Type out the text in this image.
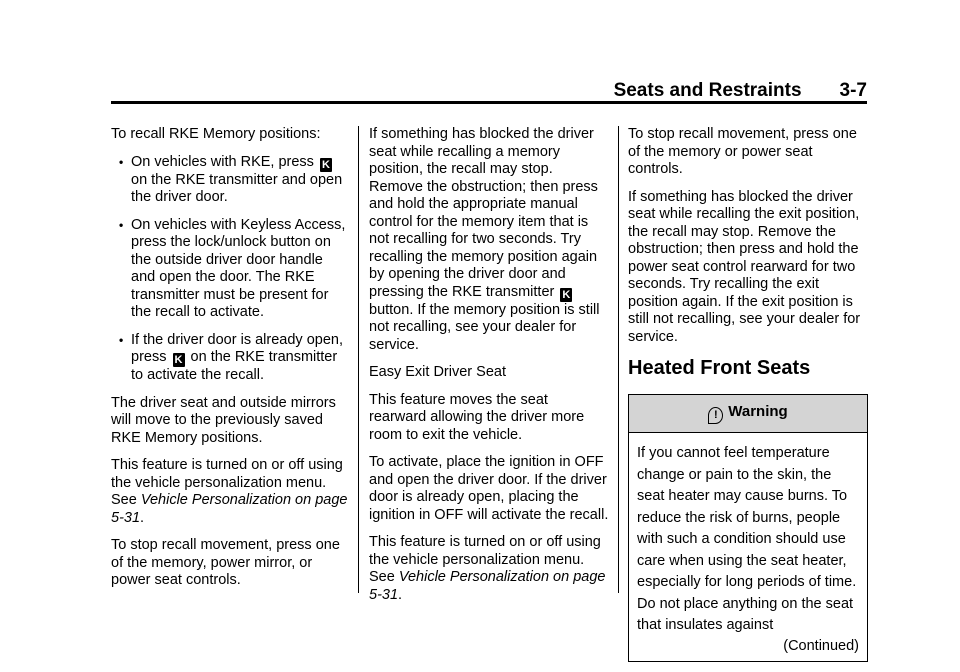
Seats and Restraints 3-7

To recall RKE Memory positions:

• On vehicles with RKE, press K on the RKE transmitter and open the driver door.
• On vehicles with Keyless Access, press the lock/unlock button on the outside driver door handle and open the door. The RKE transmitter must be present for the recall to activate.
• If the driver door is already open, press K on the RKE transmitter to activate the recall.

The driver seat and outside mirrors will move to the previously saved RKE Memory positions.

This feature is turned on or off using the vehicle personalization menu. See Vehicle Personalization on page 5-31.

To stop recall movement, press one of the memory, power mirror, or power seat controls.

If something has blocked the driver seat while recalling a memory position, the recall may stop. Remove the obstruction; then press and hold the appropriate manual control for the memory item that is not recalling for two seconds. Try recalling the memory position again by opening the driver door and pressing the RKE transmitter K button. If the memory position is still not recalling, see your dealer for service.

Easy Exit Driver Seat

This feature moves the seat rearward allowing the driver more room to exit the vehicle.

To activate, place the ignition in OFF and open the driver door. If the driver door is already open, placing the ignition in OFF will activate the recall.

This feature is turned on or off using the vehicle personalization menu. See Vehicle Personalization on page 5-31.

To stop recall movement, press one of the memory or power seat controls.

If something has blocked the driver seat while recalling the exit position, the recall may stop. Remove the obstruction; then press and hold the power seat control rearward for two seconds. Try recalling the exit position again. If the exit position is still not recalling, see your dealer for service.

Heated Front Seats
! Warning
If you cannot feel temperature change or pain to the skin, the seat heater may cause burns. To reduce the risk of burns, people with such a condition should use care when using the seat heater, especially for long periods of time. Do not place anything on the seat that insulates against
(Continued)
